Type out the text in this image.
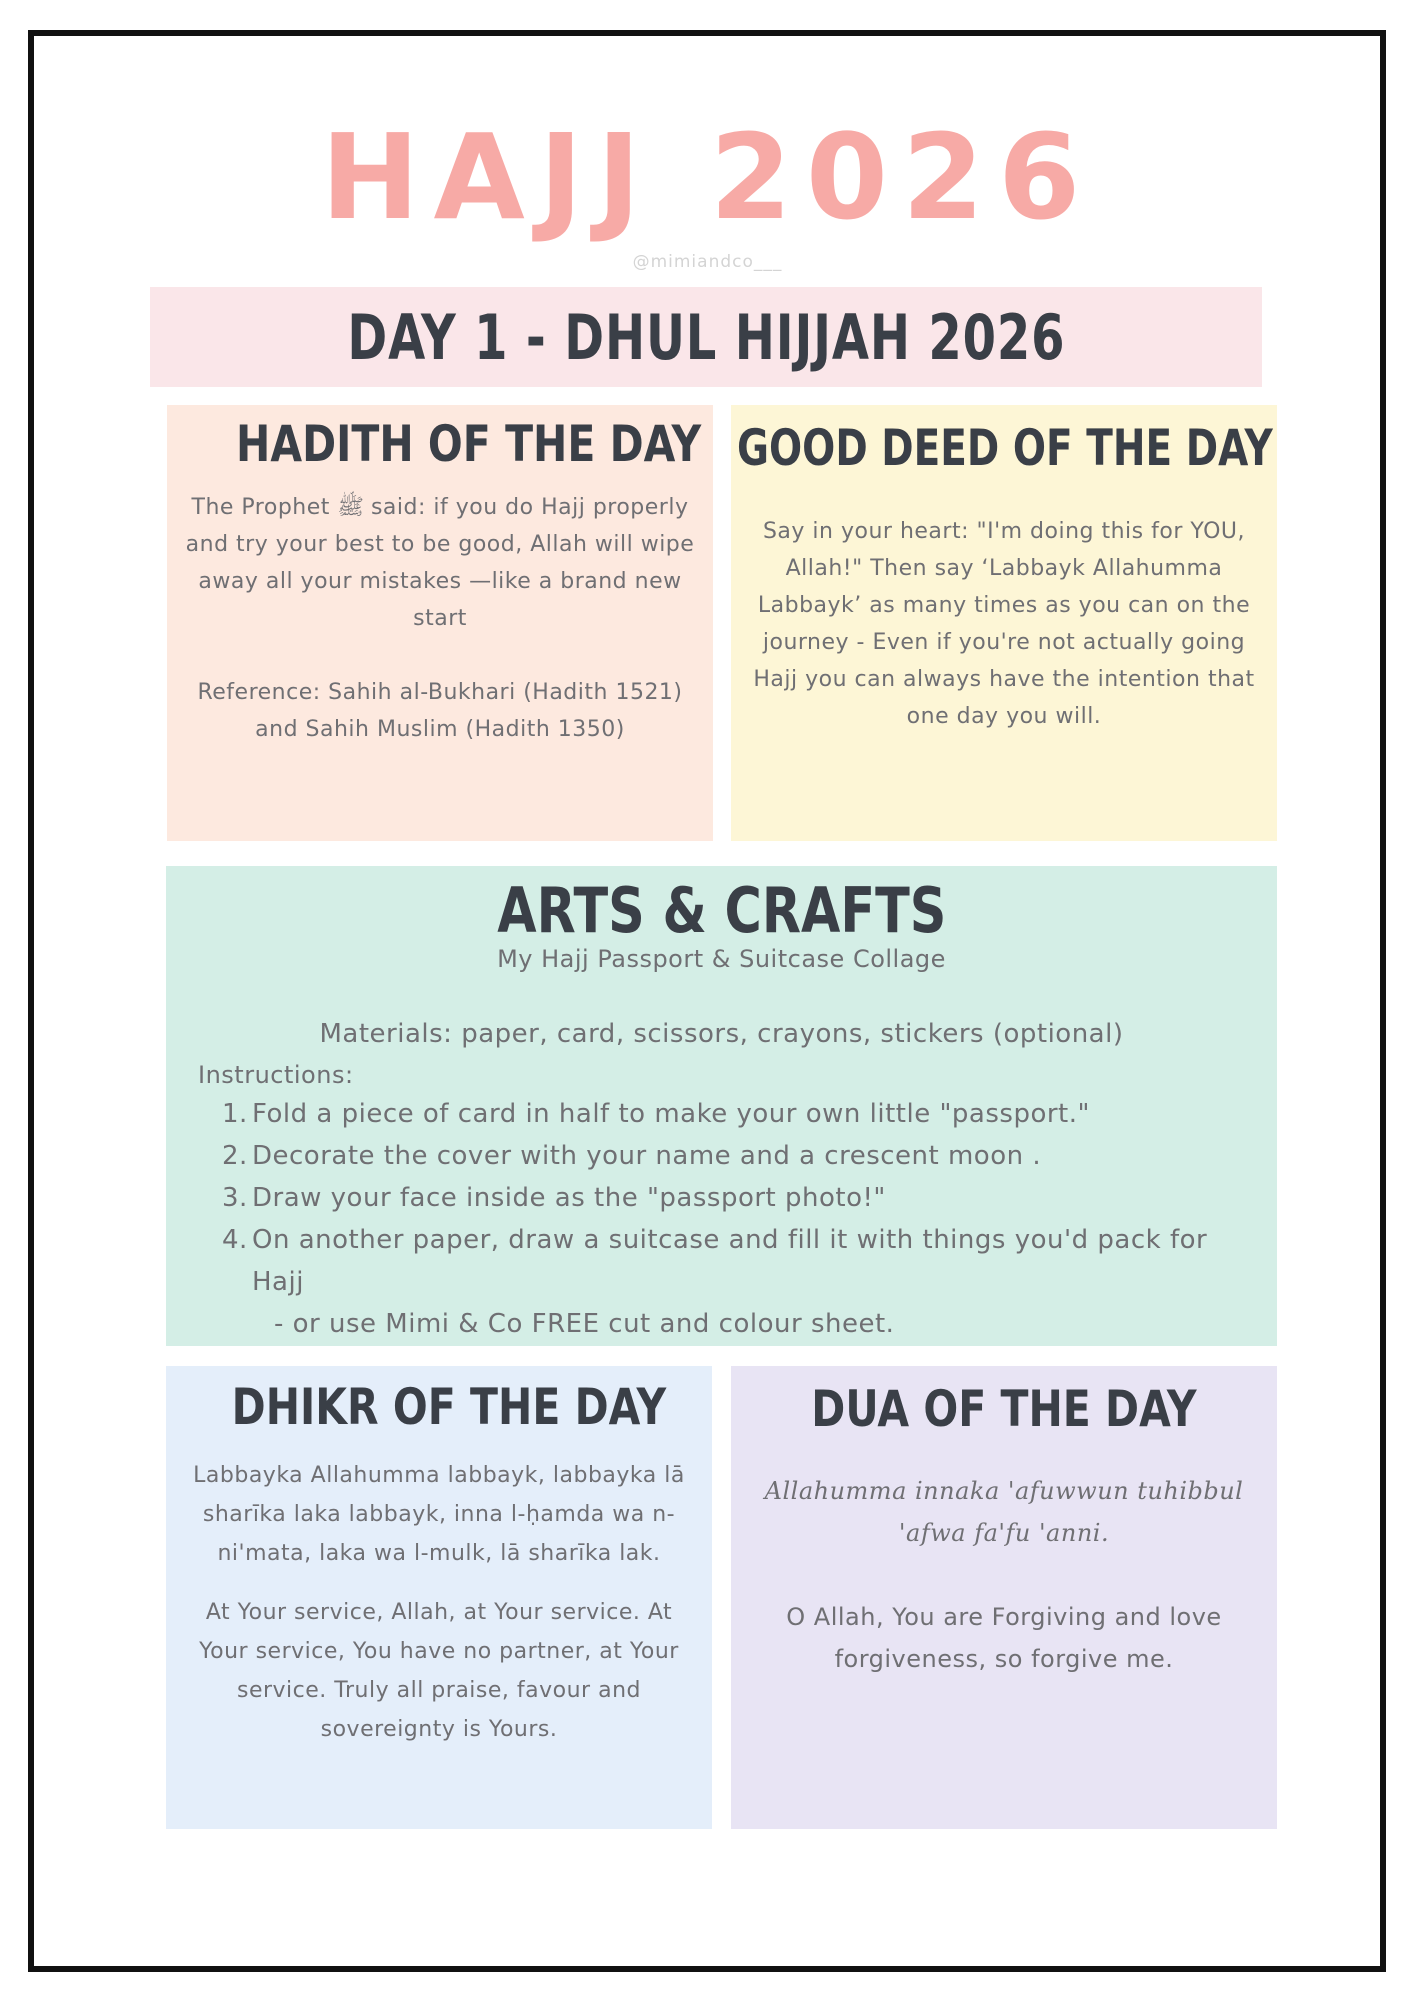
HAJJ 2026
@mimiandco___
DAY 1 - DHUL HIJJAH 2026
HADITH OF THE DAY
The Prophet ﷺ said: if you do Hajj properly and try your best to be good, Allah will wipe away all your mistakes —like a brand new start
Reference: Sahih al-Bukhari (Hadith 1521) and Sahih Muslim (Hadith 1350)
GOOD DEED OF THE DAY
Say in your heart: "I'm doing this for YOU, Allah!" Then say ‘Labbayk Allahumma Labbayk’ as many times as you can on the journey - Even if you're not actually going Hajj you can always have the intention that one day you will.
ARTS & CRAFTS
My Hajj Passport & Suitcase Collage
Materials: paper, card, scissors, crayons, stickers (optional)
Instructions:
1. Fold a piece of card in half to make your own little "passport."
2. Decorate the cover with your name and a crescent moon .
3. Draw your face inside as the "passport photo!"
4. On another paper, draw a suitcase and fill it with things you'd pack for Hajj
- or use Mimi & Co FREE cut and colour sheet.
DHIKR OF THE DAY
Labbayka Allahumma labbayk, labbayka lā sharīka laka labbayk, inna l-ḥamda wa n-ni'mata, laka wa l-mulk, lā sharīka lak.
At Your service, Allah, at Your service. At Your service, You have no partner, at Your service. Truly all praise, favour and sovereignty is Yours.
DUA OF THE DAY
Allahumma innaka 'afuwwun tuhibbul 'afwa fa'fu 'anni.
O Allah, You are Forgiving and love forgiveness, so forgive me.
